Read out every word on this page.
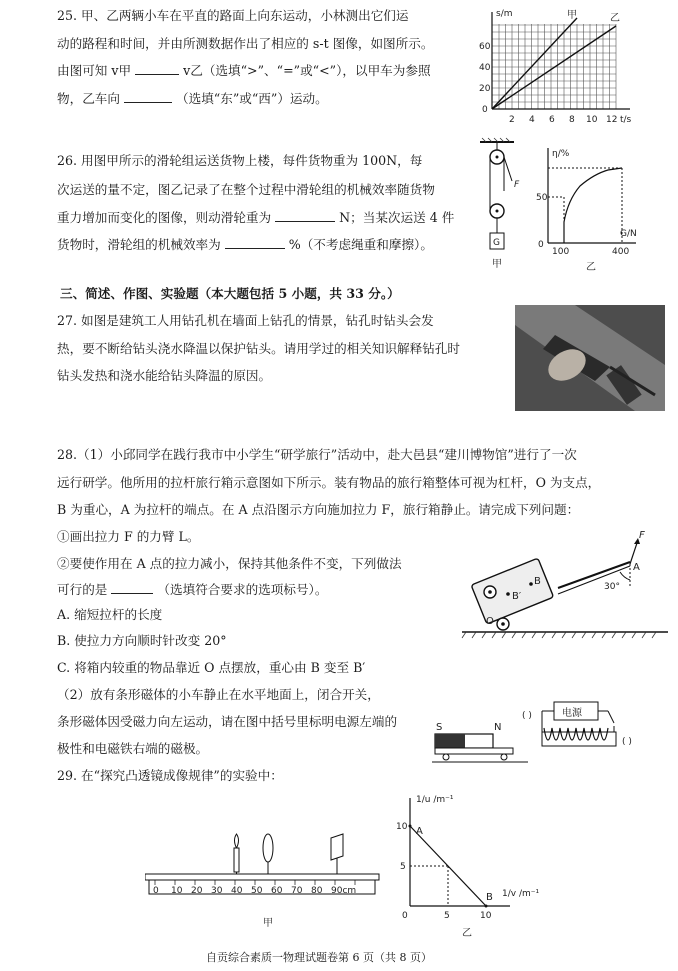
25. 甲、乙两辆小车在平直的路面上向东运动，小林测出它们运
动的路程和时间，并由所测数据作出了相应的 s-t 图像，如图所示。
由图可知 v甲	v乙（选填“>”、“=”或“<”），以甲车为参照
物，乙车向	（选填“东”或“西”）运动。
s/m
t/s
0
20
40
60
2 4 6 8 10 12
甲	乙
26. 用图甲所示的滑轮组运送货物上楼，每件货物重为 100N，每
次运送的量不定，图乙记录了在整个过程中滑轮组的机械效率随货物
重力增加而变化的图像，则动滑轮重为	N；当某次运送 4 件
货物时，滑轮组的机械效率为	%（不考虑绳重和摩擦）。	G
F
甲
η/%
G/N
0
50
100	400
乙
三、简述、作图、实验题（本大题包括 5 小题，共 33 分。）
27. 如图是建筑工人用钻孔机在墙面上钻孔的情景，钻孔时钻头会发
热，要不断给钻头浇水降温以保护钻头。请用学过的相关知识解释钻孔时
钻头发热和浇水能给钻头降温的原因。
28.（1）小邱同学在践行我市中小学生“研学旅行”活动中，赴大邑县“建川博物馆”进行了一次
远行研学。他所用的拉杆旅行箱示意图如下所示。装有物品的旅行箱整体可视为杠杆，O 为支点，
B 为重心，A 为拉杆的端点。在 A 点沿图示方向施加拉力 F，旅行箱静止。请完成下列问题：
①画出拉力 F 的力臂 L。
②要使作用在 A 点的拉力减小，保持其他条件不变，下列做法
可行的是	（选填符合要求的选项标号）。
A. 缩短拉杆的长度
B. 使拉力方向顺时针改变 20°
C. 将箱内较重的物品靠近 O 点摆放，重心由 B 变至 B′
（2）放有条形磁体的小车静止在水平地面上，闭合开关，
条形磁体因受磁力向左运动，请在图中括号里标明电源左端的
极性和电磁铁右端的磁极。
B
B′
A
F
30°
O
S	N
( )	电源
( )
29. 在“探究凸透镜成像规律”的实验中：
0 10 20 30 40 50 60 70 80 90cm
甲
1/u /m⁻¹
1/v /m⁻¹
10
5
0	5	10
A
B
乙
自贡综合素质一物理试题卷第 6 页（共 8 页）
